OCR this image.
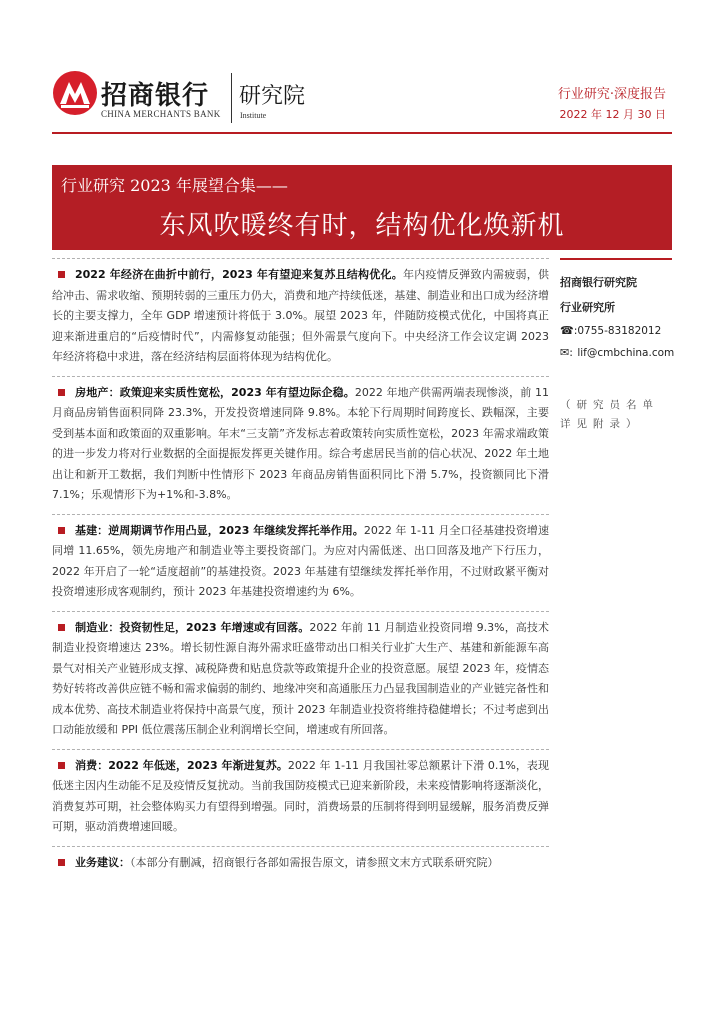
招商银行
CHINA MERCHANTS BANK
研究院
Institute
行业研究·深度报告
2022 年 12 月 30 日
行业研究 2023 年展望合集——
东风吹暖终有时，结构优化焕新机
2022 年经济在曲折中前行，2023 年有望迎来复苏且结构优化。年内疫情反弹致内需疲弱，供给冲击、需求收缩、预期转弱的三重压力仍大，消费和地产持续低迷，基建、制造业和出口成为经济增长的主要支撑力，全年 GDP 增速预计将低于 3.0%。展望 2023 年，伴随防疫模式优化，中国将真正迎来渐进重启的“后疫情时代”，内需修复动能强；但外需景气度向下。中央经济工作会议定调 2023 年经济将稳中求进，落在经济结构层面将体现为结构优化。
房地产：政策迎来实质性宽松，2023 年有望边际企稳。2022 年地产供需两端表现惨淡，前 11 月商品房销售面积同降 23.3%，开发投资增速同降 9.8%。本轮下行周期时间跨度长、跌幅深，主要受到基本面和政策面的双重影响。年末“三支箭”齐发标志着政策转向实质性宽松，2023 年需求端政策的进一步发力将对行业数据的全面提振发挥更关键作用。综合考虑居民当前的信心状况、2022 年土地出让和新开工数据，我们判断中性情形下 2023 年商品房销售面积同比下滑 5.7%，投资额同比下滑 7.1%；乐观情形下为+1%和-3.8%。
基建：逆周期调节作用凸显，2023 年继续发挥托举作用。2022 年 1-11 月全口径基建投资增速同增 11.65%，领先房地产和制造业等主要投资部门。为应对内需低迷、出口回落及地产下行压力，2022 年开启了一轮“适度超前”的基建投资。2023 年基建有望继续发挥托举作用，不过财政紧平衡对投资增速形成客观制约，预计 2023 年基建投资增速约为 6%。
制造业：投资韧性足，2023 年增速或有回落。2022 年前 11 月制造业投资同增 9.3%，高技术制造业投资增速达 23%。增长韧性源自海外需求旺盛带动出口相关行业扩大生产、基建和新能源车高景气对相关产业链形成支撑、减税降费和贴息贷款等政策提升企业的投资意愿。展望 2023 年，疫情态势好转将改善供应链不畅和需求偏弱的制约、地缘冲突和高通胀压力凸显我国制造业的产业链完备性和成本优势、高技术制造业将保持中高景气度，预计 2023 年制造业投资将维持稳健增长；不过考虑到出口动能放缓和 PPI 低位震荡压制企业利润增长空间，增速或有所回落。
消费：2022 年低迷，2023 年渐进复苏。2022 年 1-11 月我国社零总额累计下滑 0.1%，表现低迷主因内生动能不足及疫情反复扰动。当前我国防疫模式已迎来新阶段，未来疫情影响将逐渐淡化，消费复苏可期，社会整体购买力有望得到增强。同时，消费场景的压制将得到明显缓解，服务消费反弹可期，驱动消费增速回暖。
业务建议：（本部分有删减，招商银行各部如需报告原文，请参照文末方式联系研究院）
招商银行研究院
行业研究所
☎: 0755-83182012
✉: lif@cmbchina.com
（研究员名单详见附录）
